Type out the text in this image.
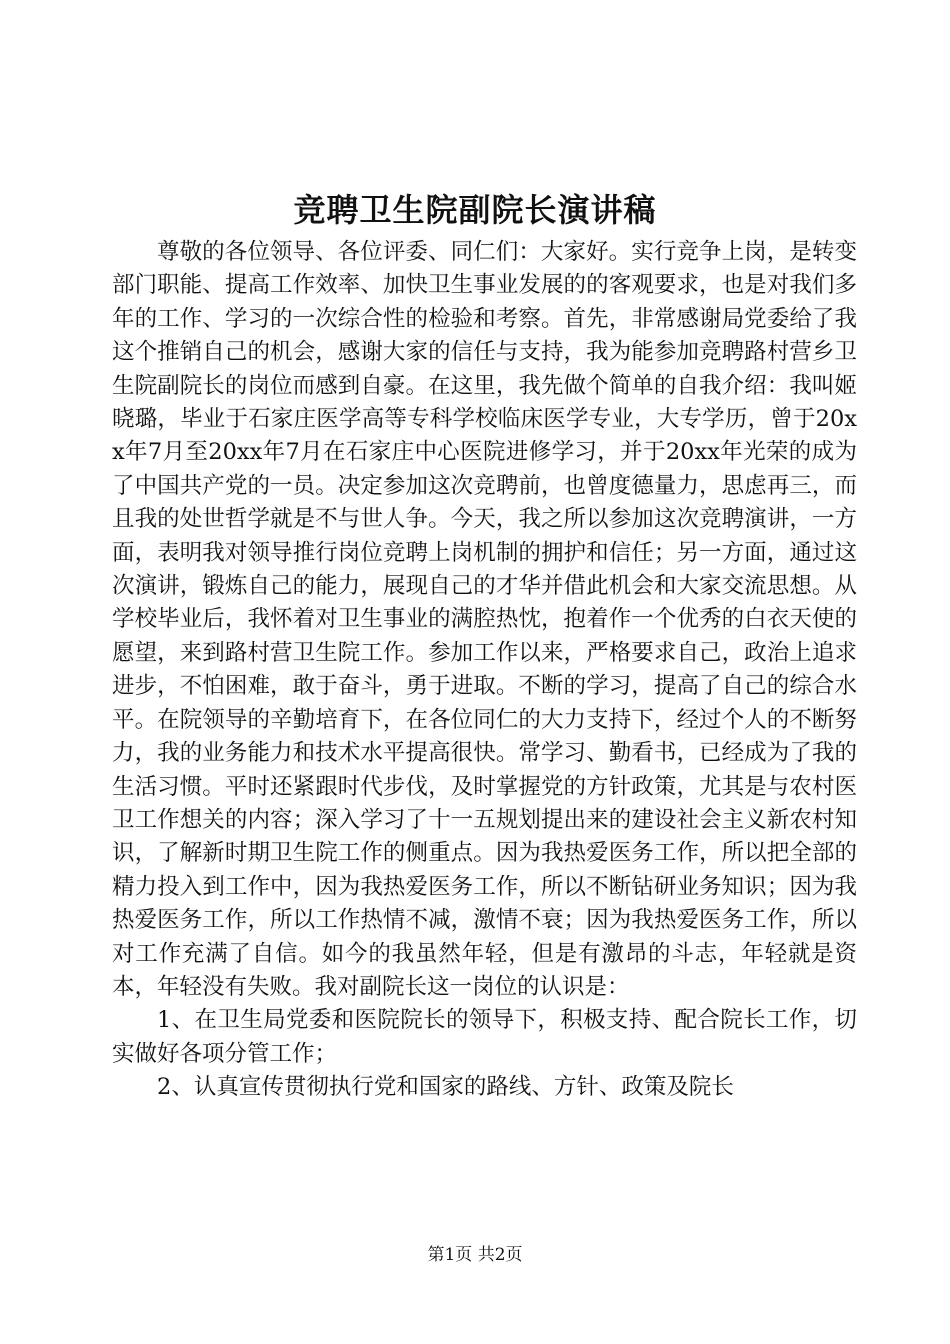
竞聘卫生院副院长演讲稿

尊敬的各位领导、各位评委、同仁们：大家好。实行竞争上岗，是转变部门职能、提高工作效率、加快卫生事业发展的的客观要求，也是对我们多年的工作、学习的一次综合性的检验和考察。首先，非常感谢局党委给了我这个推销自己的机会，感谢大家的信任与支持，我为能参加竞聘路村营乡卫生院副院长的岗位而感到自豪。在这里，我先做个简单的自我介绍：我叫姬晓璐，毕业于石家庄医学高等专科学校临床医学专业，大专学历，曾于20xx年7月至20xx年7月在石家庄中心医院进修学习，并于20xx年光荣的成为了中国共产党的一员。决定参加这次竞聘前，也曾度德量力，思虑再三，而且我的处世哲学就是不与世人争。今天，我之所以参加这次竞聘演讲，一方面，表明我对领导推行岗位竞聘上岗机制的拥护和信任；另一方面，通过这次演讲，锻炼自己的能力，展现自己的才华并借此机会和大家交流思想。从学校毕业后，我怀着对卫生事业的满腔热忱，抱着作一个优秀的白衣天使的愿望，来到路村营卫生院工作。参加工作以来，严格要求自己，政治上追求进步，不怕困难，敢于奋斗，勇于进取。不断的学习，提高了自己的综合水平。在院领导的辛勤培育下，在各位同仁的大力支持下，经过个人的不断努力，我的业务能力和技术水平提高很快。常学习、勤看书，已经成为了我的生活习惯。平时还紧跟时代步伐，及时掌握党的方针政策，尤其是与农村医卫工作想关的内容；深入学习了十一五规划提出来的建设社会主义新农村知识，了解新时期卫生院工作的侧重点。因为我热爱医务工作，所以把全部的精力投入到工作中，因为我热爱医务工作，所以不断钻研业务知识；因为我热爱医务工作，所以工作热情不减，激情不衰；因为我热爱医务工作，所以对工作充满了自信。如今的我虽然年轻，但是有激昂的斗志，年轻就是资本，年轻没有失败。我对副院长这一岗位的认识是：

1、在卫生局党委和医院院长的领导下，积极支持、配合院长工作，切实做好各项分管工作；

2、认真宣传贯彻执行党和国家的路线、方针、政策及院长

第1页 共2页
